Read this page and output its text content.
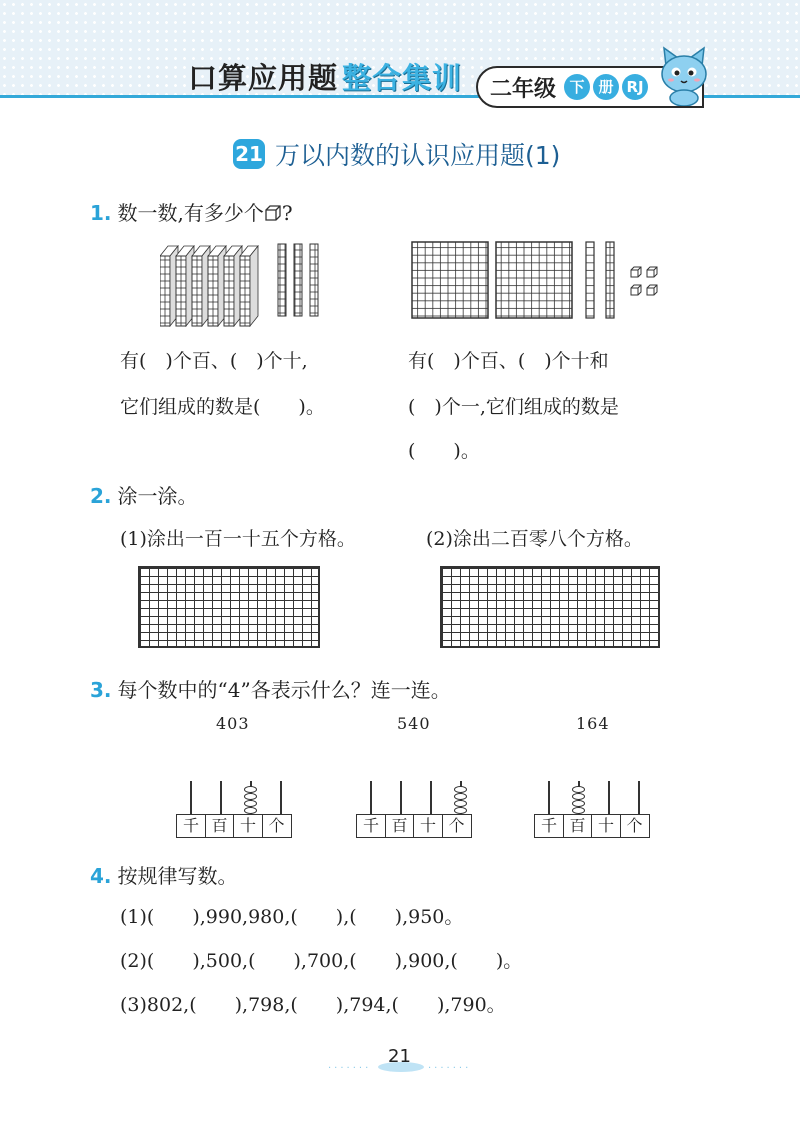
口算应用题 整合集训 二年级 下 册 RJ
21 万以内数的认识应用题(1)
1. 数一数,有多少个 ?
有(　)个百、(　)个十,
它们组成的数是(　　)。
有(　)个百、(　)个十和
(　)个一,它们组成的数是
(　　)。
2. 涂一涂。
(1)涂出一百一十五个方格。	(2)涂出二百零八个方格。
3. 每个数中的“4”各表示什么？连一连。
403	540	164
千 百 十 个	千 百 十 个	千 百 十 个
4. 按规律写数。
(1)(　　),990,980,(　　),(　　),950。
(2)(　　),500,(　　),700,(　　),900,(　　)。
(3)802,(　　),798,(　　),794,(　　),790。
·······
21
·······
